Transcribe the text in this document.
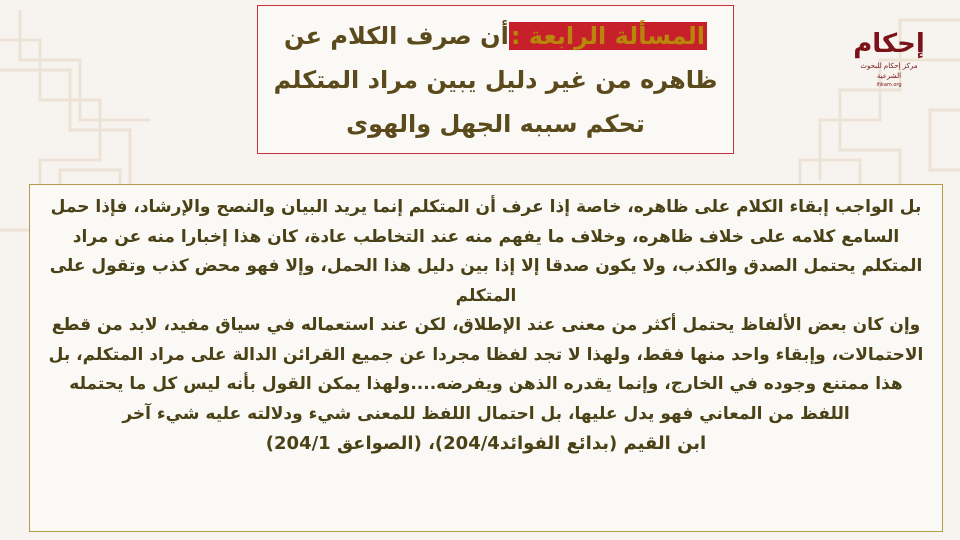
المسألة الرابعة :أن صرف الكلام عن
ظاهره من غير دليل يبين مراد المتكلم
تحكم سببه الجهل والهوى
إحكام
مركز إحكام للبحوث الشرعية
ihkam.org

بل الواجب إبقاء الكلام على ظاهره، خاصة إذا عرف أن المتكلم إنما يريد البيان والنصح والإرشاد، فإذا حمل السامع كلامه على خلاف ظاهره، وخلاف ما يفهم منه عند التخاطب عادة، كان هذا إخبارا منه عن مراد المتكلم يحتمل الصدق والكذب، ولا يكون صدقا إلا إذا بين دليل هذا الحمل، وإلا فهو محض كذب وتقول على المتكلم

وإن كان بعض الألفاظ يحتمل أكثر من معنى عند الإطلاق، لكن عند استعماله في سياق مفيد، لابد من قطع الاحتمالات، وإبقاء واحد منها فقط، ولهذا لا تجد لفظا مجردا عن جميع القرائن الدالة على مراد المتكلم، بل هذا ممتنع وجوده في الخارج، وإنما يقدره الذهن ويفرضه....ولهذا يمكن القول بأنه ليس كل ما يحتمله اللفظ من المعاني فهو يدل عليها، بل احتمال اللفظ للمعنى شيء ودلالته عليه شيء آخر

ابن القيم (بدائع الفوائد204/4)، (الصواعق 204/1)
